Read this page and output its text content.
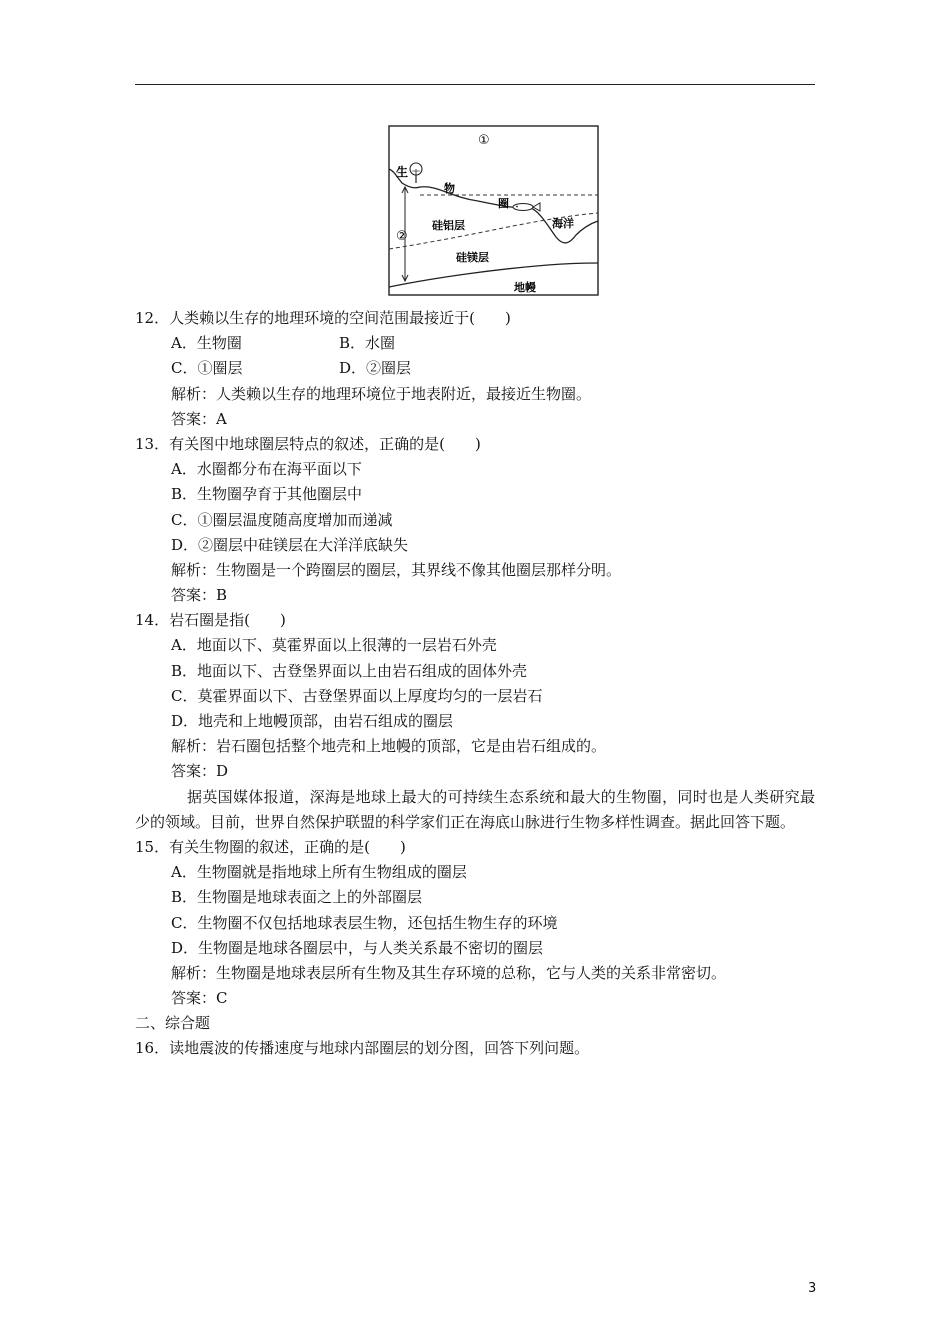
①
②
生
物
圈
硅铝层	海洋
硅镁层
地幔
12．人类赖以生存的地理环境的空间范围最接近于(　　)
A．生物圈	B．水圈
C．①圈层	D．②圈层
解析：人类赖以生存的地理环境位于地表附近，最接近生物圈。
答案：A
13．有关图中地球圈层特点的叙述，正确的是(　　)
A．水圈都分布在海平面以下
B．生物圈孕育于其他圈层中
C．①圈层温度随高度增加而递减
D．②圈层中硅镁层在大洋洋底缺失
解析：生物圈是一个跨圈层的圈层，其界线不像其他圈层那样分明。
答案：B
14．岩石圈是指(　　)
A．地面以下、莫霍界面以上很薄的一层岩石外壳
B．地面以下、古登堡界面以上由岩石组成的固体外壳
C．莫霍界面以下、古登堡界面以上厚度均匀的一层岩石
D．地壳和上地幔顶部，由岩石组成的圈层
解析：岩石圈包括整个地壳和上地幔的顶部，它是由岩石组成的。
答案：D
据英国媒体报道，深海是地球上最大的可持续生态系统和最大的生物圈，同时也是人类研究最少的领域。目前，世界自然保护联盟的科学家们正在海底山脉进行生物多样性调查。据此回答下题。
15．有关生物圈的叙述，正确的是(　　)
A．生物圈就是指地球上所有生物组成的圈层
B．生物圈是地球表面之上的外部圈层
C．生物圈不仅包括地球表层生物，还包括生物生存的环境
D．生物圈是地球各圈层中，与人类关系最不密切的圈层
解析：生物圈是地球表层所有生物及其生存环境的总称，它与人类的关系非常密切。
答案：C
二、综合题
16．读地震波的传播速度与地球内部圈层的划分图，回答下列问题。
3
